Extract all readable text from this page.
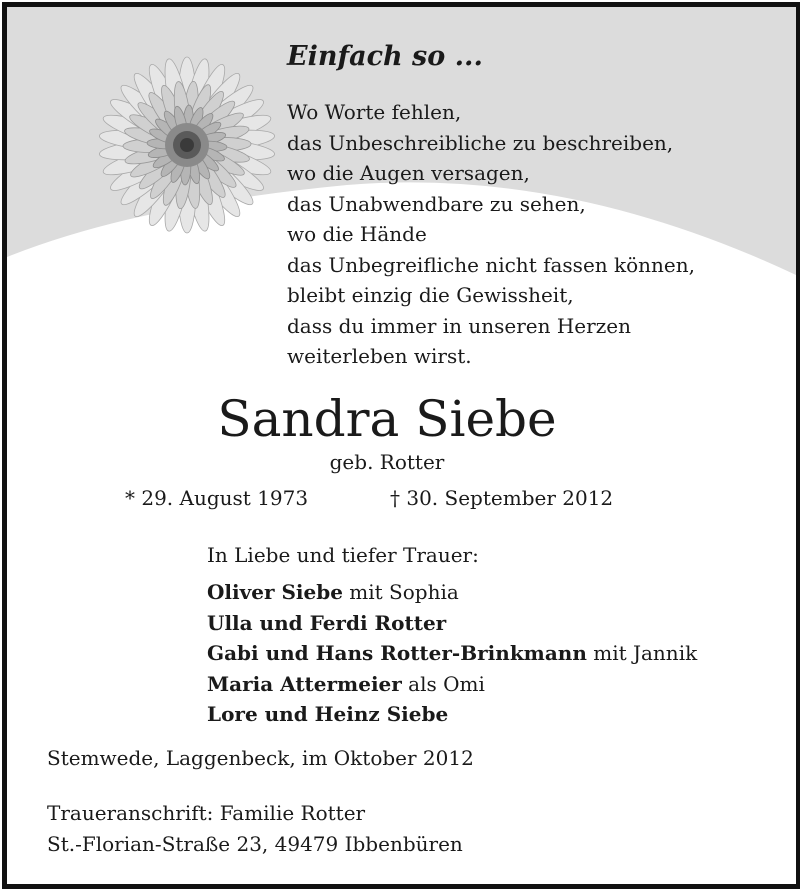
Einfach so ...
Wo Worte fehlen,
das Unbeschreibliche zu beschreiben,
wo die Augen versagen,
das Unabwendbare zu sehen,
wo die Hände
das Unbegreifliche nicht fassen können,
bleibt einzig die Gewissheit,
dass du immer in unseren Herzen
weiterleben wirst.
Sandra Siebe
geb. Rotter
* 29. August 1973	† 30. September 2012
In Liebe und tiefer Trauer:
Oliver Siebe mit Sophia
Ulla und Ferdi Rotter
Gabi und Hans Rotter-Brinkmann mit Jannik
Maria Attermeier als Omi
Lore und Heinz Siebe
Stemwede, Laggenbeck, im Oktober 2012
Traueranschrift: Familie Rotter
St.-Florian-Straße 23, 49479 Ibbenbüren
